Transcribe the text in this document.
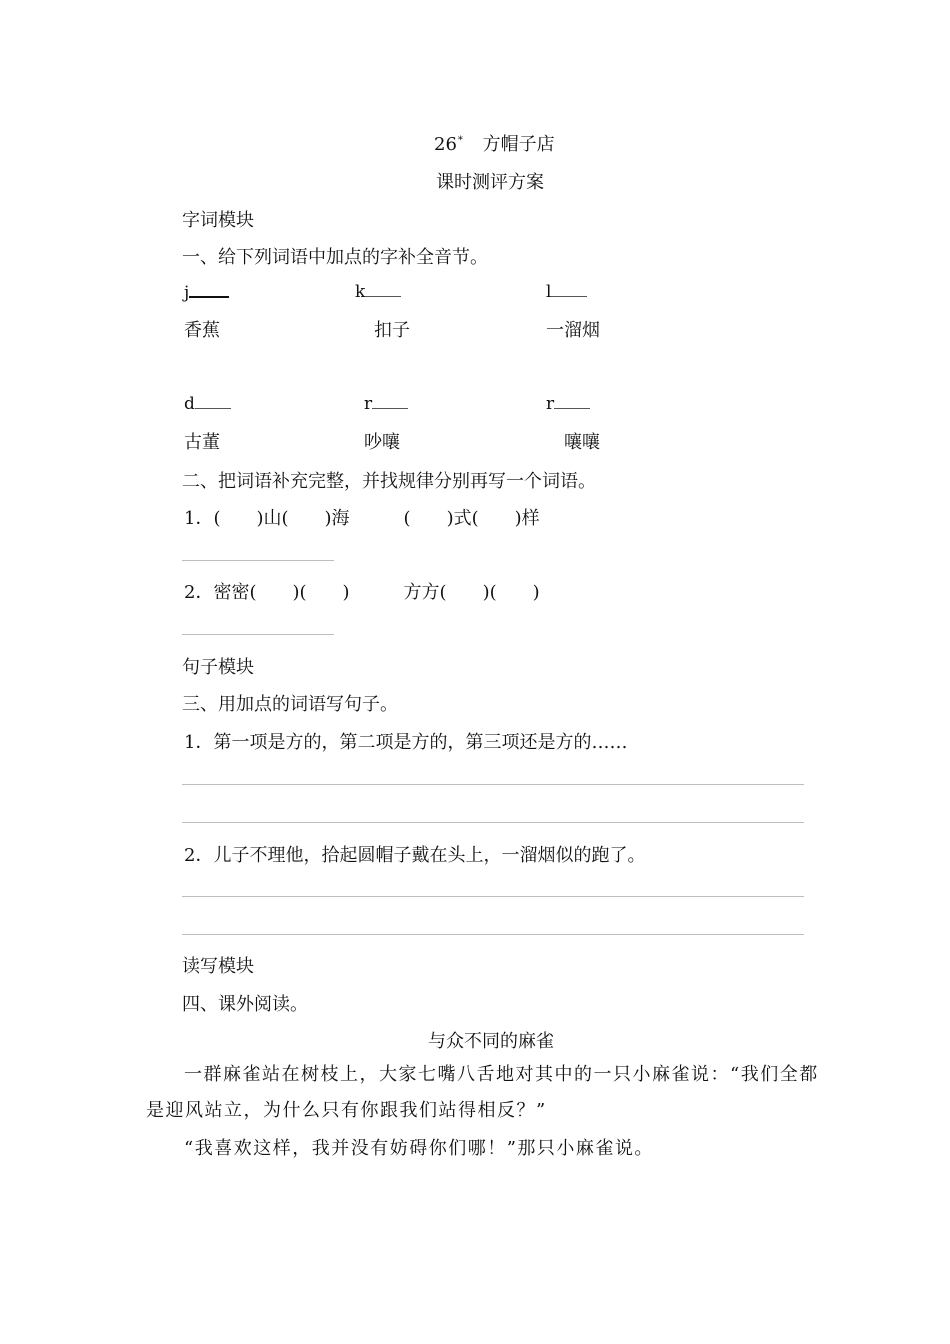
26* 方帽子店
课时测评方案
字词模块
一、给下列词语中加点的字补全音节。
j	k	l
香蕉	扣子	一溜烟
d	r	r
古董	吵嚷	嚷嚷
二、把词语补充完整，并找规律分别再写一个词语。
1．(　　)山(　　)海　　　(　　)式(　　)样
2．密密(　　)(　　)　　　方方(　　)(　　)
句子模块
三、用加点的词语写句子。
1．第一项是方的，第二项是方的，第三项还是方的……
2．儿子不理他，拾起圆帽子戴在头上，一溜烟似的跑了。
读写模块
四、课外阅读。
与众不同的麻雀
一群麻雀站在树枝上，大家七嘴八舌地对其中的一只小麻雀说：“我们全都
是迎风站立，为什么只有你跟我们站得相反？”
“我喜欢这样，我并没有妨碍你们哪！”那只小麻雀说。
